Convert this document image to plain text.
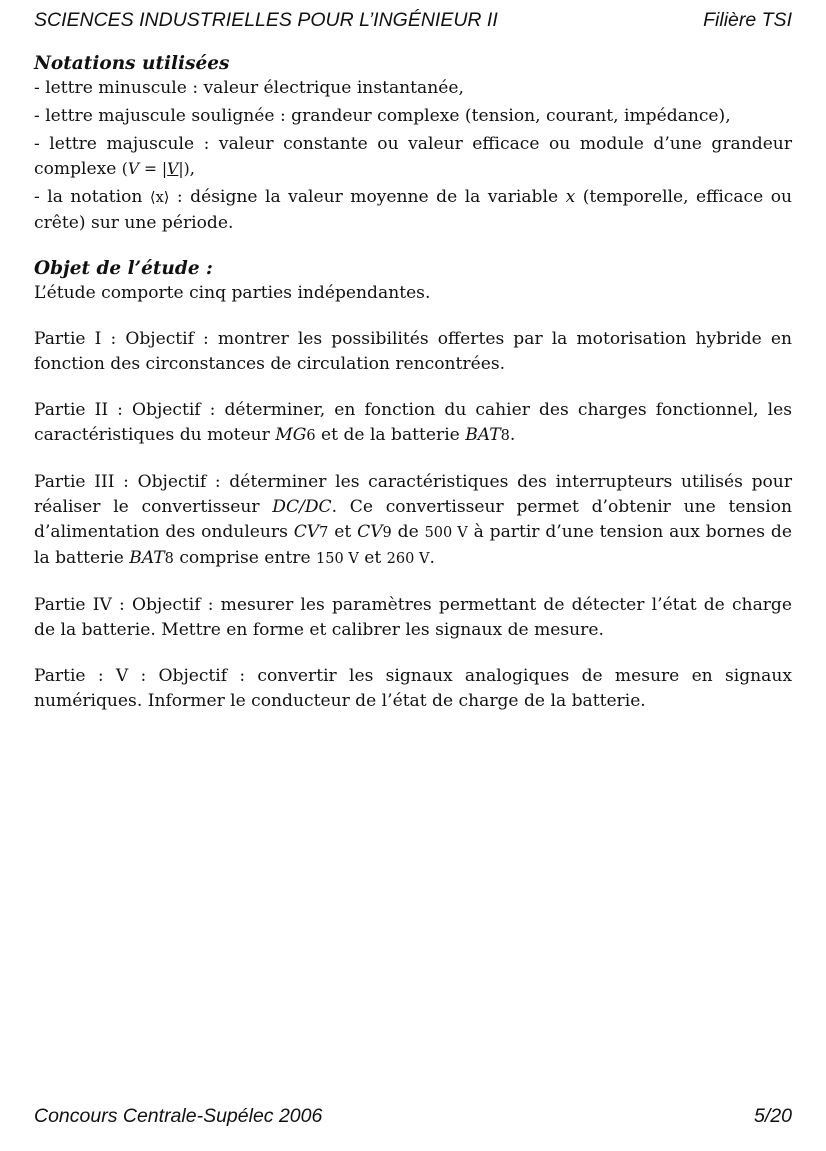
SCIENCES INDUSTRIELLES POUR L’INGÉNIEUR II	Filière TSI

Notations utilisées

- lettre minuscule : valeur électrique instantanée,

- lettre majuscule soulignée : grandeur complexe (tension, courant, impédance),

- lettre majuscule : valeur constante ou valeur efficace ou module d’une grandeur complexe (V = |V|),

- la notation ⟨x⟩ : désigne la valeur moyenne de la variable x (temporelle, efficace ou crête) sur une période.

Objet de l’étude :

L’étude comporte cinq parties indépendantes.

Partie I : Objectif : montrer les possibilités offertes par la motorisation hybride en fonction des circonstances de circulation rencontrées.

Partie II : Objectif : déterminer, en fonction du cahier des charges fonctionnel, les caractéristiques du moteur MG6 et de la batterie BAT8.

Partie III : Objectif : déterminer les caractéristiques des interrupteurs utilisés pour réaliser le convertisseur DC/DC. Ce convertisseur permet d’obtenir une tension d’alimentation des onduleurs CV7 et CV9 de 500 V à partir d’une tension aux bornes de la batterie BAT8 comprise entre 150 V et 260 V.

Partie IV : Objectif : mesurer les paramètres permettant de détecter l’état de charge de la batterie. Mettre en forme et calibrer les signaux de mesure.

Partie : V : Objectif : convertir les signaux analogiques de mesure en signaux numériques. Informer le conducteur de l’état de charge de la batterie.

Concours Centrale-Supélec 2006	5/20
